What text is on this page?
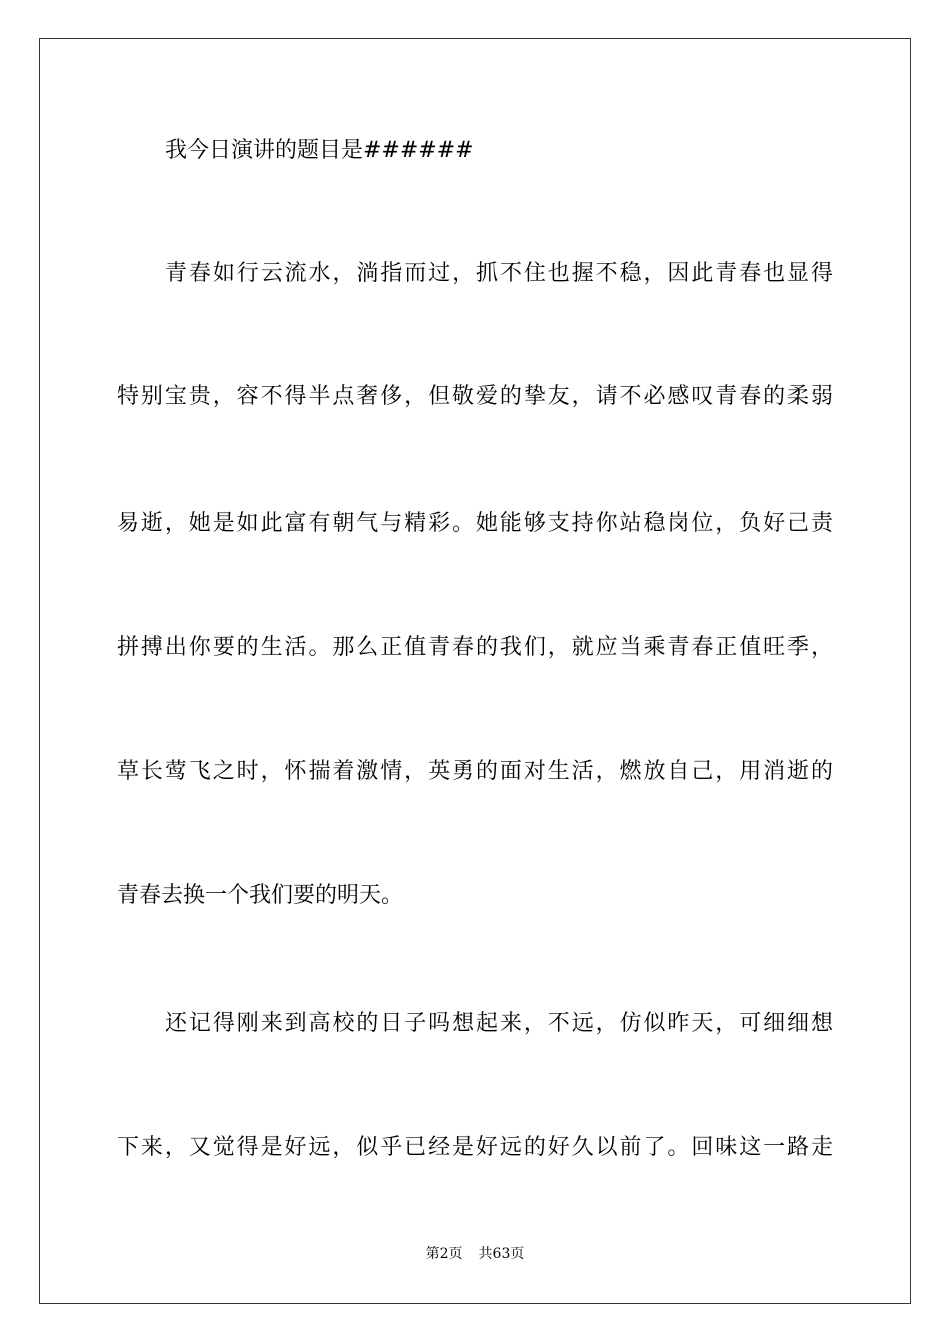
我今日演讲的题目是######
青春如行云流水，淌指而过，抓不住也握不稳，因此青春也显得
特别宝贵，容不得半点奢侈，但敬爱的挚友，请不必感叹青春的柔弱
易逝，她是如此富有朝气与精彩。她能够支持你站稳岗位，负好己责
拼搏出你要的生活。那么正值青春的我们，就应当乘青春正值旺季，
草长莺飞之时，怀揣着激情，英勇的面对生活，燃放自己，用消逝的
青春去换一个我们要的明天。
还记得刚来到高校的日子吗想起来，不远，仿似昨天，可细细想
下来，又觉得是好远，似乎已经是好远的好久以前了。回味这一路走
第2页 共63页
